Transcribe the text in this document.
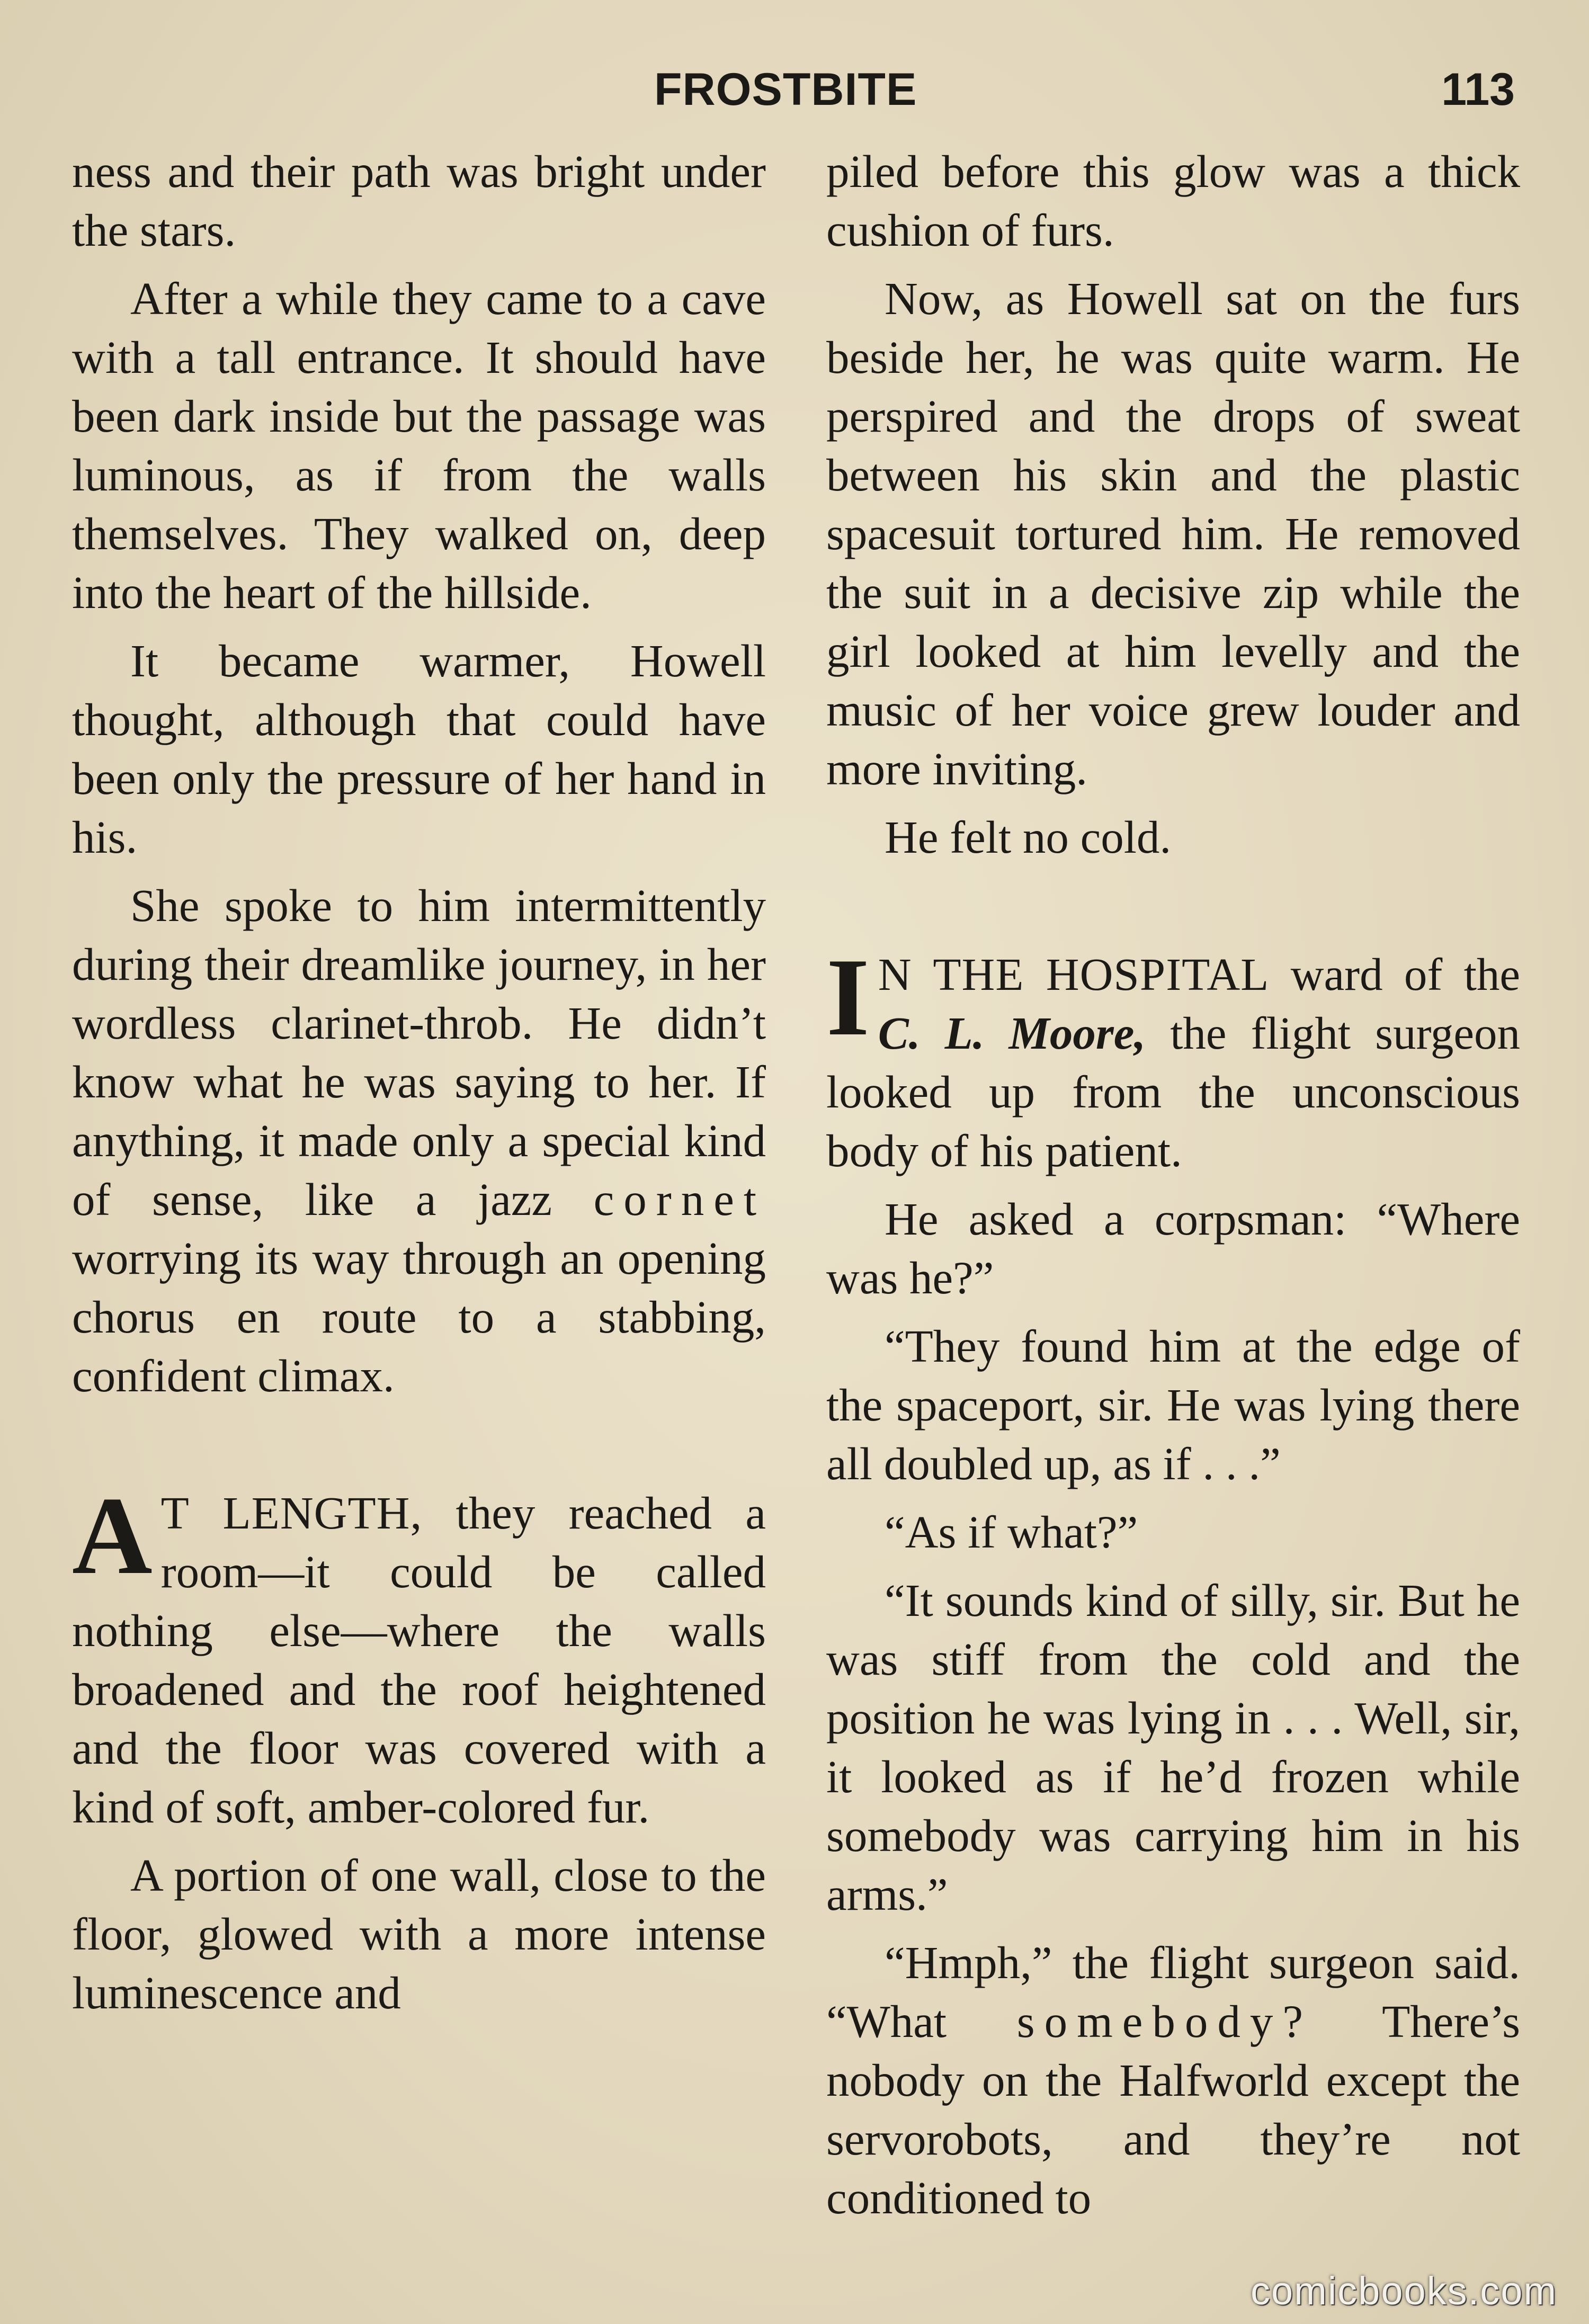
FROSTBITE	113

ness and their path was bright under the stars.

After a while they came to a cave with a tall entrance. It should have been dark inside but the passage was luminous, as if from the walls themselves. They walked on, deep into the heart of the hillside.

It became warmer, Howell thought, although that could have been only the pressure of her hand in his.

She spoke to him intermittently during their dreamlike journey, in her wordless clarinet-throb. He didn’t know what he was saying to her. If anything, it made only a special kind of sense, like a jazz cornet worrying its way through an opening chorus en route to a stabbing, confident climax.

A T LENGTH, they reached a room—it could be called nothing else—where the walls broadened and the roof heightened and the floor was covered with a kind of soft, amber-colored fur.

A portion of one wall, close to the floor, glowed with a more intense luminescence and

piled before this glow was a thick cushion of furs.

Now, as Howell sat on the furs beside her, he was quite warm. He perspired and the drops of sweat between his skin and the plastic spacesuit tortured him. He removed the suit in a decisive zip while the girl looked at him levelly and the music of her voice grew louder and more inviting.

He felt no cold.

I N THE HOSPITAL ward of the C. L. Moore, the flight surgeon looked up from the unconscious body of his patient.

He asked a corpsman: “Where was he?”

“They found him at the edge of the spaceport, sir. He was lying there all doubled up, as if . . .”

“As if what?”

“It sounds kind of silly, sir. But he was stiff from the cold and the position he was lying in . . . Well, sir, it looked as if he’d frozen while somebody was carrying him in his arms.”

“Hmph,” the flight surgeon said. “What somebody? There’s nobody on the Halfworld except the servorobots, and they’re not conditioned to

comicbooks.com
